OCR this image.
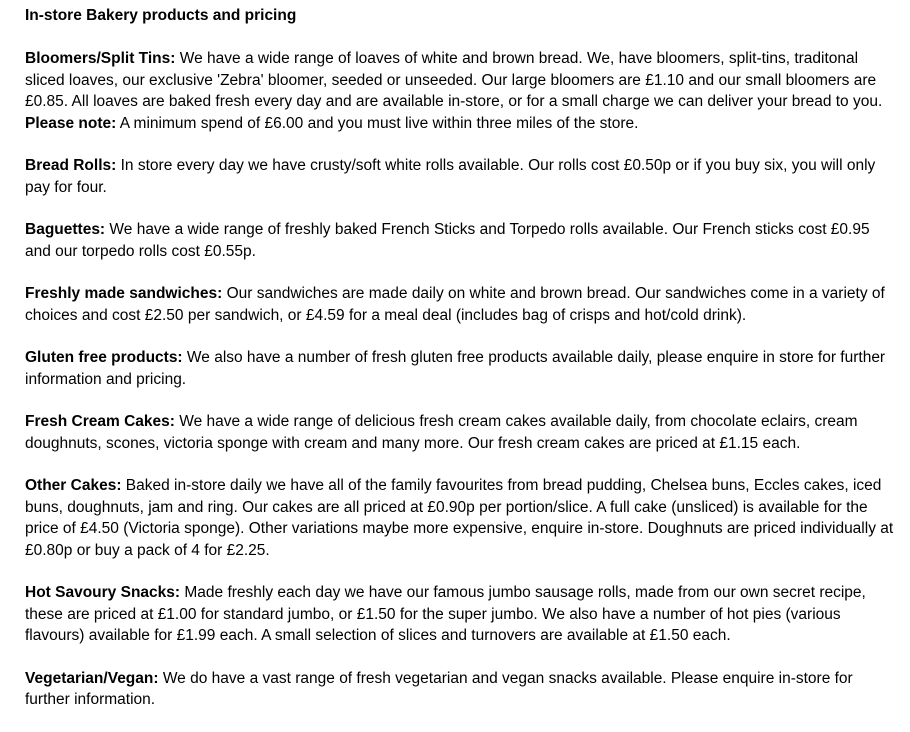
In-store Bakery products and pricing

Bloomers/Split Tins: We have a wide range of loaves of white and brown bread. We, have bloomers, split-tins, traditonal sliced loaves, our exclusive 'Zebra' bloomer, seeded or unseeded. Our large bloomers are £1.10 and our small bloomers are £0.85. All loaves are baked fresh every day and are available in-store, or for a small charge we can deliver your bread to you. Please note: A minimum spend of £6.00 and you must live within three miles of the store.

Bread Rolls: In store every day we have crusty/soft white rolls available. Our rolls cost £0.50p or if you buy six, you will only pay for four.

Baguettes: We have a wide range of freshly baked French Sticks and Torpedo rolls available. Our French sticks cost £0.95 and our torpedo rolls cost £0.55p.

Freshly made sandwiches: Our sandwiches are made daily on white and brown bread. Our sandwiches come in a variety of choices and cost £2.50 per sandwich, or £4.59 for a meal deal (includes bag of crisps and hot/cold drink).

Gluten free products: We also have a number of fresh gluten free products available daily, please enquire in store for further information and pricing.

Fresh Cream Cakes: We have a wide range of delicious fresh cream cakes available daily, from chocolate eclairs, cream doughnuts, scones, victoria sponge with cream and many more. Our fresh cream cakes are priced at £1.15 each.

Other Cakes: Baked in-store daily we have all of the family favourites from bread pudding, Chelsea buns, Eccles cakes, iced buns, doughnuts, jam and ring. Our cakes are all priced at £0.90p per portion/slice. A full cake (unsliced) is available for the price of £4.50 (Victoria sponge). Other variations maybe more expensive, enquire in-store. Doughnuts are priced individually at £0.80p or buy a pack of 4 for £2.25.

Hot Savoury Snacks: Made freshly each day we have our famous jumbo sausage rolls, made from our own secret recipe, these are priced at £1.00 for standard jumbo, or £1.50 for the super jumbo. We also have a number of hot pies (various flavours) available for £1.99 each. A small selection of slices and turnovers are available at £1.50 each.

Vegetarian/Vegan: We do have a vast range of fresh vegetarian and vegan snacks available. Please enquire in-store for further information.
